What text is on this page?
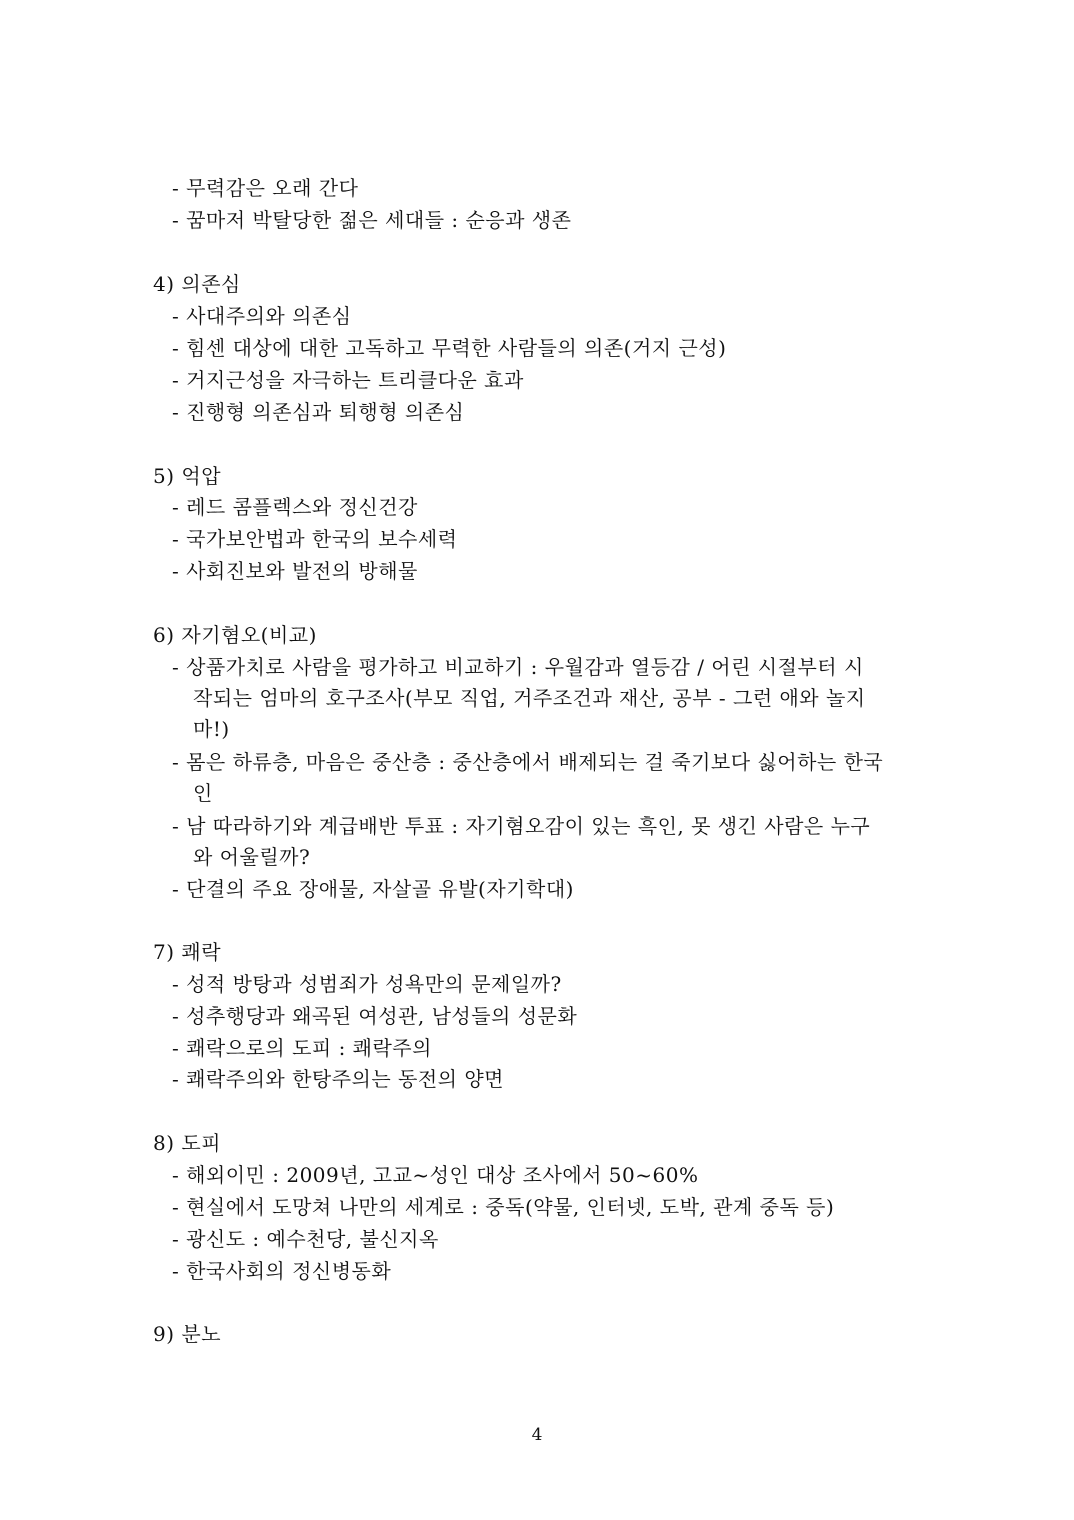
- 무력감은 오래 간다
- 꿈마저 박탈당한 젊은 세대들 : 순응과 생존
4) 의존심
- 사대주의와 의존심
- 힘센 대상에 대한 고독하고 무력한 사람들의 의존(거지 근성)
- 거지근성을 자극하는 트리클다운 효과
- 진행형 의존심과 퇴행형 의존심
5) 억압
- 레드 콤플렉스와 정신건강
- 국가보안법과 한국의 보수세력
- 사회진보와 발전의 방해물
6) 자기혐오(비교)
- 상품가치로 사람을 평가하고 비교하기 : 우월감과 열등감 / 어린 시절부터 시
작되는 엄마의 호구조사(부모 직업, 거주조건과 재산, 공부 - 그런 애와 놀지
마!)
- 몸은 하류층, 마음은 중산층 : 중산층에서 배제되는 걸 죽기보다 싫어하는 한국
인
- 남 따라하기와 계급배반 투표 : 자기혐오감이 있는 흑인, 못 생긴 사람은 누구
와 어울릴까?
- 단결의 주요 장애물, 자살골 유발(자기학대)
7) 쾌락
- 성적 방탕과 성범죄가 성욕만의 문제일까?
- 성추행당과 왜곡된 여성관, 남성들의 성문화
- 쾌락으로의 도피 : 쾌락주의
- 쾌락주의와 한탕주의는 동전의 양면
8) 도피
- 해외이민 : 2009년, 고교~성인 대상 조사에서 50~60%
- 현실에서 도망쳐 나만의 세계로 : 중독(약물, 인터넷, 도박, 관계 중독 등)
- 광신도 : 예수천당, 불신지옥
- 한국사회의 정신병동화
9) 분노
4
